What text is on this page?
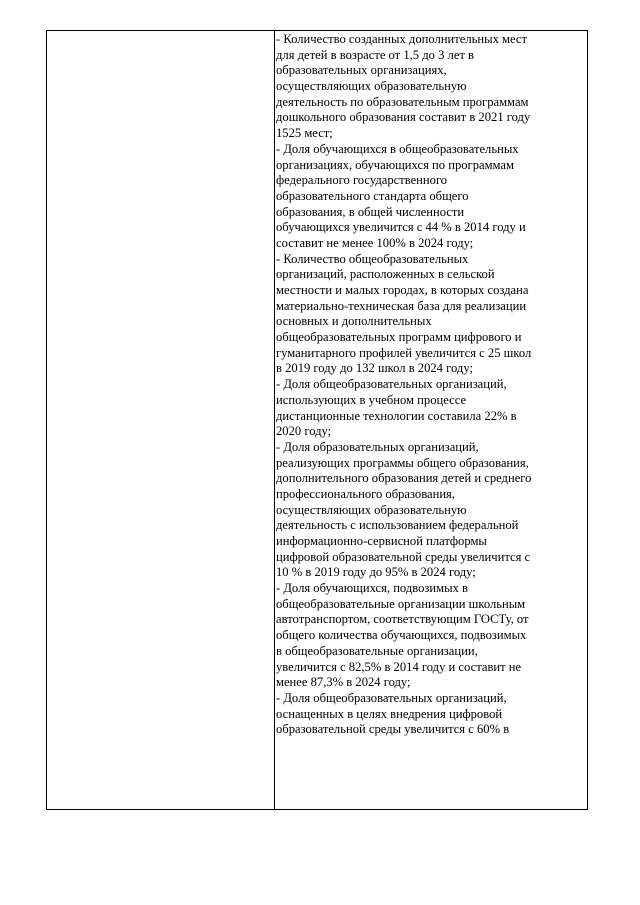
- Количество созданных дополнительных мест

для детей в возрасте от 1,5 до 3 лет в

образовательных организациях,

осуществляющих образовательную

деятельность по образовательным программам

дошкольного образования составит в 2021 году

1525 мест;

- Доля обучающихся в общеобразовательных

организациях, обучающихся по программам

федерального государственного

образовательного стандарта общего

образования, в общей численности

обучающихся увеличится с 44 % в 2014 году и

составит не менее 100% в 2024 году;

- Количество общеобразовательных

организаций, расположенных в сельской

местности и малых городах, в которых создана

материально-техническая база для реализации

основных и дополнительных

общеобразовательных программ цифрового и

гуманитарного профилей увеличится с 25 школ

в 2019 году до 132 школ в 2024 году;

- Доля общеобразовательных организаций,

использующих в учебном процессе

дистанционные технологии составила 22% в

2020 году;

- Доля образовательных организаций,

реализующих программы общего образования,

дополнительного образования детей и среднего

профессионального образования,

осуществляющих образовательную

деятельность с использованием федеральной

информационно-сервисной платформы

цифровой образовательной среды увеличится с

10 % в 2019 году до 95% в 2024 году;

- Доля обучающихся, подвозимых в

общеобразовательные организации школьным

автотранспортом, соответствующим ГОСТу, от

общего количества обучающихся, подвозимых

в общеобразовательные организации,

увеличится с 82,5% в 2014 году и составит не

менее 87,3% в 2024 году;

- Доля общеобразовательных организаций,

оснащенных в целях внедрения цифровой

образовательной среды увеличится с 60% в
